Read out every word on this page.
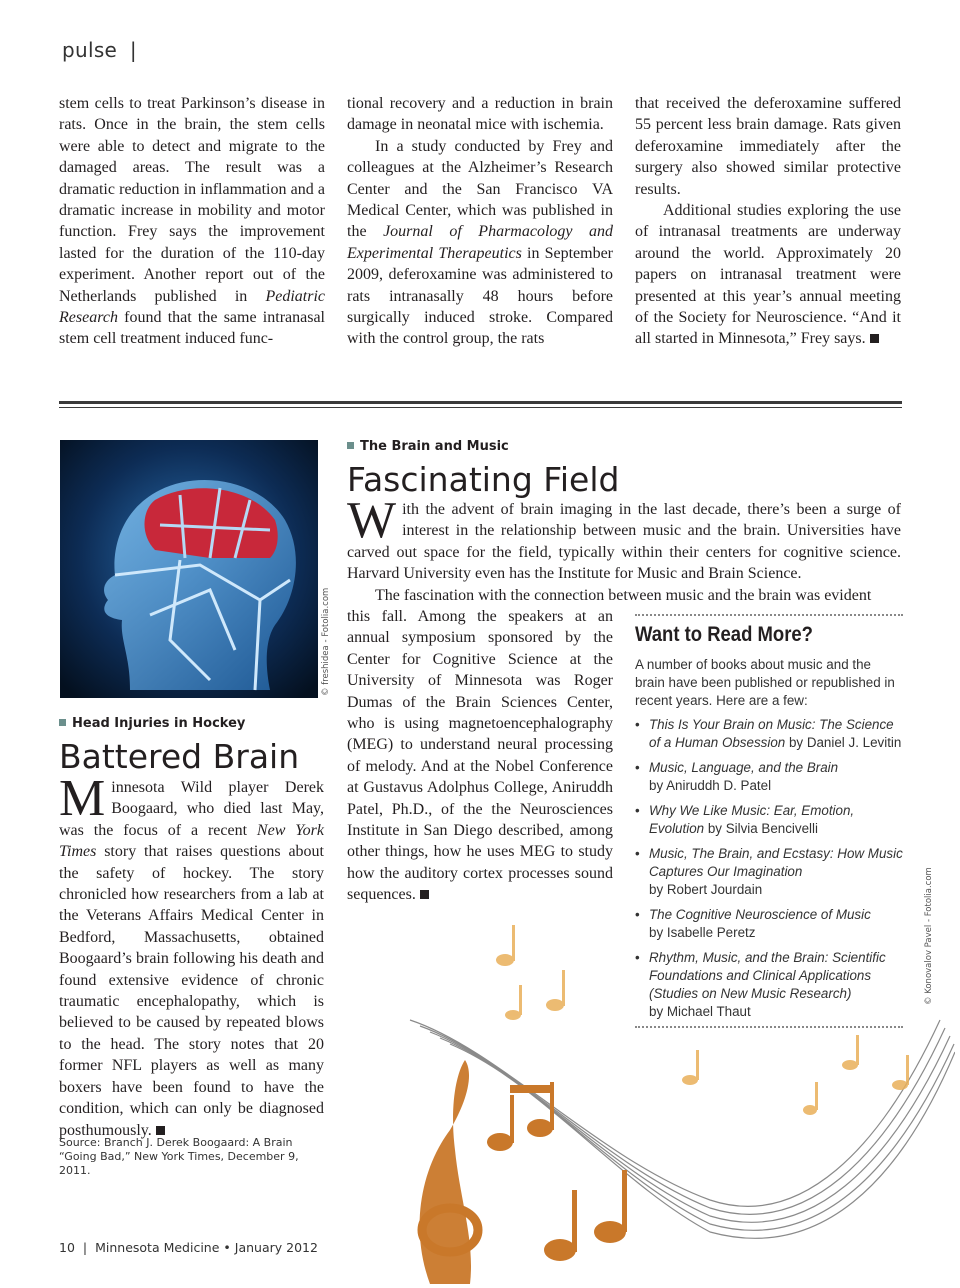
pulse |

stem cells to treat Parkinson’s disease in rats. Once in the brain, the stem cells were able to detect and migrate to the damaged areas. The result was a dramatic reduction in inflammation and a dramatic increase in mobility and motor function. Frey says the improvement lasted for the duration of the 110-day experiment. Another report out of the Netherlands published in Pediatric Research found that the same intranasal stem cell treatment induced func-

tional recovery and a reduction in brain damage in neonatal mice with ischemia.

In a study conducted by Frey and colleagues at the Alzheimer’s Research Center and the San Francisco VA Medical Center, which was published in the Journal of Pharmacology and Experimental Therapeutics in September 2009, deferoxamine was administered to rats intranasally 48 hours before surgically induced stroke. Compared with the control group, the rats

that received the deferoxamine suffered 55 percent less brain damage. Rats given deferoxamine immediately after the surgery also showed similar protective results.

Additional studies exploring the use of intranasal treatments are underway around the world. Approximately 20 papers on intranasal treatment were presented at this year’s annual meeting of the Society for Neuroscience. “And it all started in Minnesota,” Frey says.

© freshidea - Fotolia.com
Head Injuries in Hockey
Battered Brain

Minnesota Wild player Derek Boogaard, who died last May, was the focus of a recent New York Times story that raises questions about the safety of hockey. The story chronicled how researchers from a lab at the Veterans Affairs Medical Center in Bedford, Massachusetts, obtained Boogaard’s brain following his death and found extensive evidence of chronic traumatic encephalopathy, which is believed to be caused by repeated blows to the head. The story notes that 20 former NFL players as well as many boxers have been found to have the condition, which can only be diagnosed posthumously.

Source: Branch J. Derek Boogaard: A Brain “Going Bad,” New York Times, December 9, 2011.
The Brain and Music
Fascinating Field

With the advent of brain imaging in the last decade, there’s been a surge of interest in the relationship between music and the brain. Universities have carved out space for the field, typically within their centers for cognitive science. Harvard University even has the Institute for Music and Brain Science.

The fascination with the connection between music and the brain was evident

this fall. Among the speakers at an annual symposium sponsored by the Center for Cognitive Science at the University of Minnesota was Roger Dumas of the Brain Sciences Center, who is using magnetoencephalography (MEG) to understand neural processing of melody. And at the Nobel Conference at Gustavus Adolphus College, Aniruddh Patel, Ph.D., of the the Neurosciences Institute in San Diego described, among other things, how he uses MEG to study how the auditory cortex processes sound sequences.

Want to Read More?
A number of books about music and the brain have been published or republished in recent years. Here are a few:
• This Is Your Brain on Music: The Science of a Human Obsession by Daniel J. Levitin
• Music, Language, and the Brain
by Aniruddh D. Patel
• Why We Like Music: Ear, Emotion, Evolution by Silvia Bencivelli
• Music, The Brain, and Ecstasy: How Music Captures Our Imagination
by Robert Jourdain
• The Cognitive Neuroscience of Music
by Isabelle Peretz
• Rhythm, Music, and the Brain: Scientific Foundations and Clinical Applications (Studies on New Music Research)
by Michael Thaut
© Konovalov Pavel - Fotolia.com
10 | Minnesota Medicine • January 2012
